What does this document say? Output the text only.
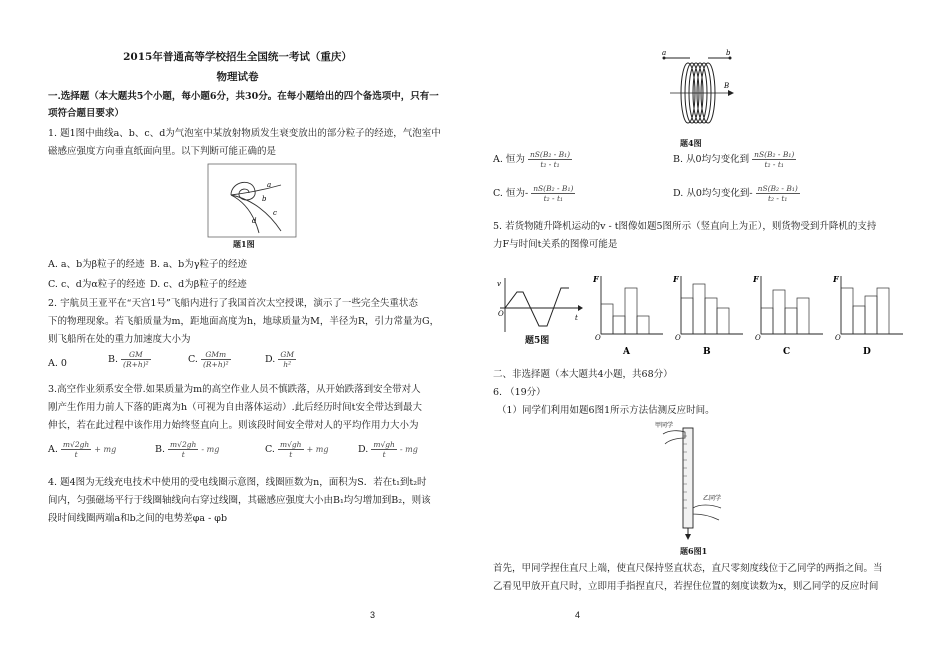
2015年普通高等学校招生全国统一考试（重庆）
物理试卷
一.选择题（本大题共5个小题，每小题6分，共30分。在每小题给出的四个备选项中，只有一
项符合题目要求）
1. 题1图中曲线a、b、c、d为气泡室中某放射物质发生衰变放出的部分粒子的经迹，气泡室中
磁感应强度方向垂直纸面向里。以下判断可能正确的是
a
b
c
d
题1图
A. a、b为β粒子的经迹 B. a、b为γ粒子的经迹
C. c、d为α粒子的经迹 D. c、d为β粒子的经迹
2. 宇航员王亚平在“天宫1号”飞船内进行了我国首次太空授课，演示了一些完全失重状态
下的物理现象。若飞船质量为m，距地面高度为h，地球质量为M，半径为R，引力常量为G，
则飞船所在处的重力加速度大小为
A. 0	B. $\frac{GM}{\text{(R+h)²}}$	C. $\frac{\text{GMm}}{\text{(R+h)²}}$	D. $\frac{GM}{\text{h²}}$
3.高空作业须系安全带.如果质量为m的高空作业人员不慎跌落，从开始跌落到安全带对人
刚产生作用力前人下落的距离为h（可视为自由落体运动）.此后经历时间t安全带达到最大
伸长，若在此过程中该作用力始终竖直向上。则该段时间安全带对人的平均作用力大小为
A. $\frac{m√2gh}{t}$ + mg	B. $\frac{m√2gh}{t}$ - mg	C. $\frac{m√gh}{t}$ + mg	D. $\frac{m√gh}{t}$ - mg
4. 题4图为无线充电技术中使用的受电线圈示意图，线圈匝数为n，面积为S．若在t₁到t₂时
间内，匀强磁场平行于线圈轴线向右穿过线圈，其磁感应强度大小由B₁均匀增加到B₂，则该
段时间线圈两端a和b之间的电势差φa - φb
3
a	b
B
题4图
A. 恒为 $\frac{\text{nS(B₂ - B₁)}}{\text{t₂ - t₁}}$	B. 从0均匀变化到 $\frac{\text{nS(B₂ - B₁)}}{\text{t₂ - t₁}}$
C. 恒为- $\frac{\text{nS(B₂ - B₁)}}{\text{t₂ - t₁}}$	D. 从0均匀变化到- $\frac{\text{nS(B₂ - B₁)}}{\text{t₂ - t₁}}$
5. 若货物随升降机运动的v - t图像如题5图所示（竖直向上为正），则货物受到升降机的支持
力F与时间t关系的图像可能是
v
t
O
题5图
F
O
A
F
O
B
F
O
C
F
O
D
二、非选择题（本大题共4小题，共68分）
6. （19分）
（1）同学们利用如题6图1所示方法估测反应时间。
甲同学
乙同学
题6图1
首先，甲同学捏住直尺上端，使直尺保持竖直状态，直尺零刻度线位于乙同学的两指之间。当
乙看见甲放开直尺时，立即用手指捏直尺，若捏住位置的刻度读数为x，则乙同学的反应时间
4
